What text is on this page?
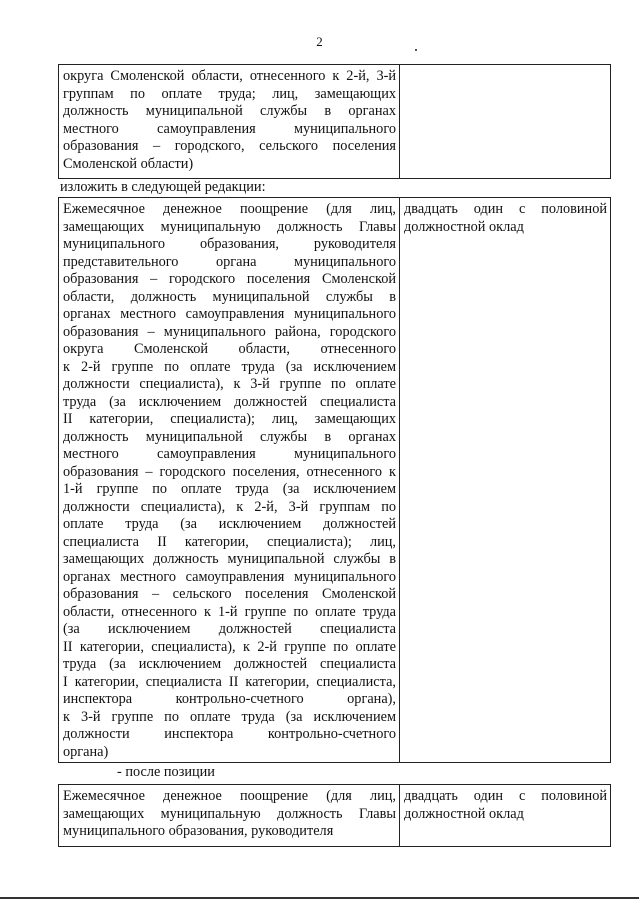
2
округа Смоленской области, отнесенного к 2-й, 3-й
группам по оплате труда; лиц, замещающих
должность муниципальной службы в органах
местного самоуправления муниципального
образования – городского, сельского поселения
Смоленской области)
изложить в следующей редакции:
Ежемесячное денежное поощрение (для лиц,
замещающих муниципальную должность Главы
муниципального образования, руководителя
представительного органа муниципального
образования – городского поселения Смоленской
области, должность муниципальной службы в
органах местного самоуправления муниципального
образования – муниципального района, городского
округа Смоленской области, отнесенного
к 2-й группе по оплате труда (за исключением
должности специалиста), к 3-й группе по оплате
труда (за исключением должностей специалиста
II категории, специалиста); лиц, замещающих
должность муниципальной службы в органах
местного самоуправления муниципального
образования – городского поселения, отнесенного к
1-й группе по оплате труда (за исключением
должности специалиста), к 2-й, 3-й группам по
оплате труда (за исключением должностей
специалиста II категории, специалиста); лиц,
замещающих должность муниципальной службы в
органах местного самоуправления муниципального
образования – сельского поселения Смоленской
области, отнесенного к 1-й группе по оплате труда
(за исключением должностей специалиста
II категории, специалиста), к 2-й группе по оплате
труда (за исключением должностей специалиста
I категории, специалиста II категории, специалиста,
инспектора контрольно-счетного органа),
к 3-й группе по оплате труда (за исключением
должности инспектора контрольно-счетного
органа)
двадцать один с половиной
должностной оклад
- после позиции
Ежемесячное денежное поощрение (для лиц,
замещающих муниципальную должность Главы
муниципального образования, руководителя
двадцать один с половиной
должностной оклад
